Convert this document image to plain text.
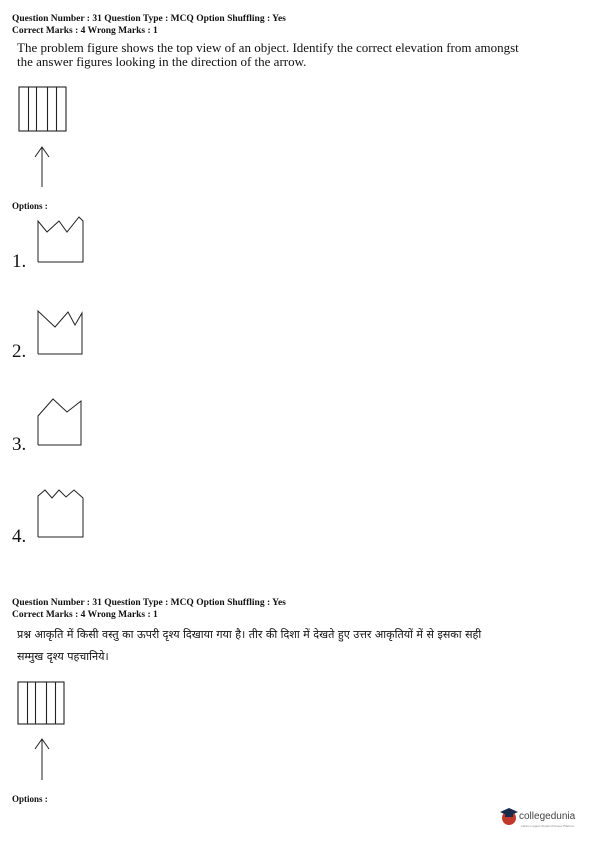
Question Number : 31 Question Type : MCQ Option Shuffling : Yes
Correct Marks : 4 Wrong Marks : 1
The problem figure shows the top view of an object. Identify the correct elevation from amongst
the answer figures looking in the direction of the arrow.
Options :
1.
2.
3.
4.
Question Number : 31 Question Type : MCQ Option Shuffling : Yes
Correct Marks : 4 Wrong Marks : 1
प्रश्न आकृति में किसी वस्तु का ऊपरी दृश्य दिखाया गया है। तीर की दिशा में देखते हुए उत्तर आकृतियों में से इसका सही
सम्मुख दृश्य पहचानिये।
Options :
collegedunia
India's Largest Student Review Platform
